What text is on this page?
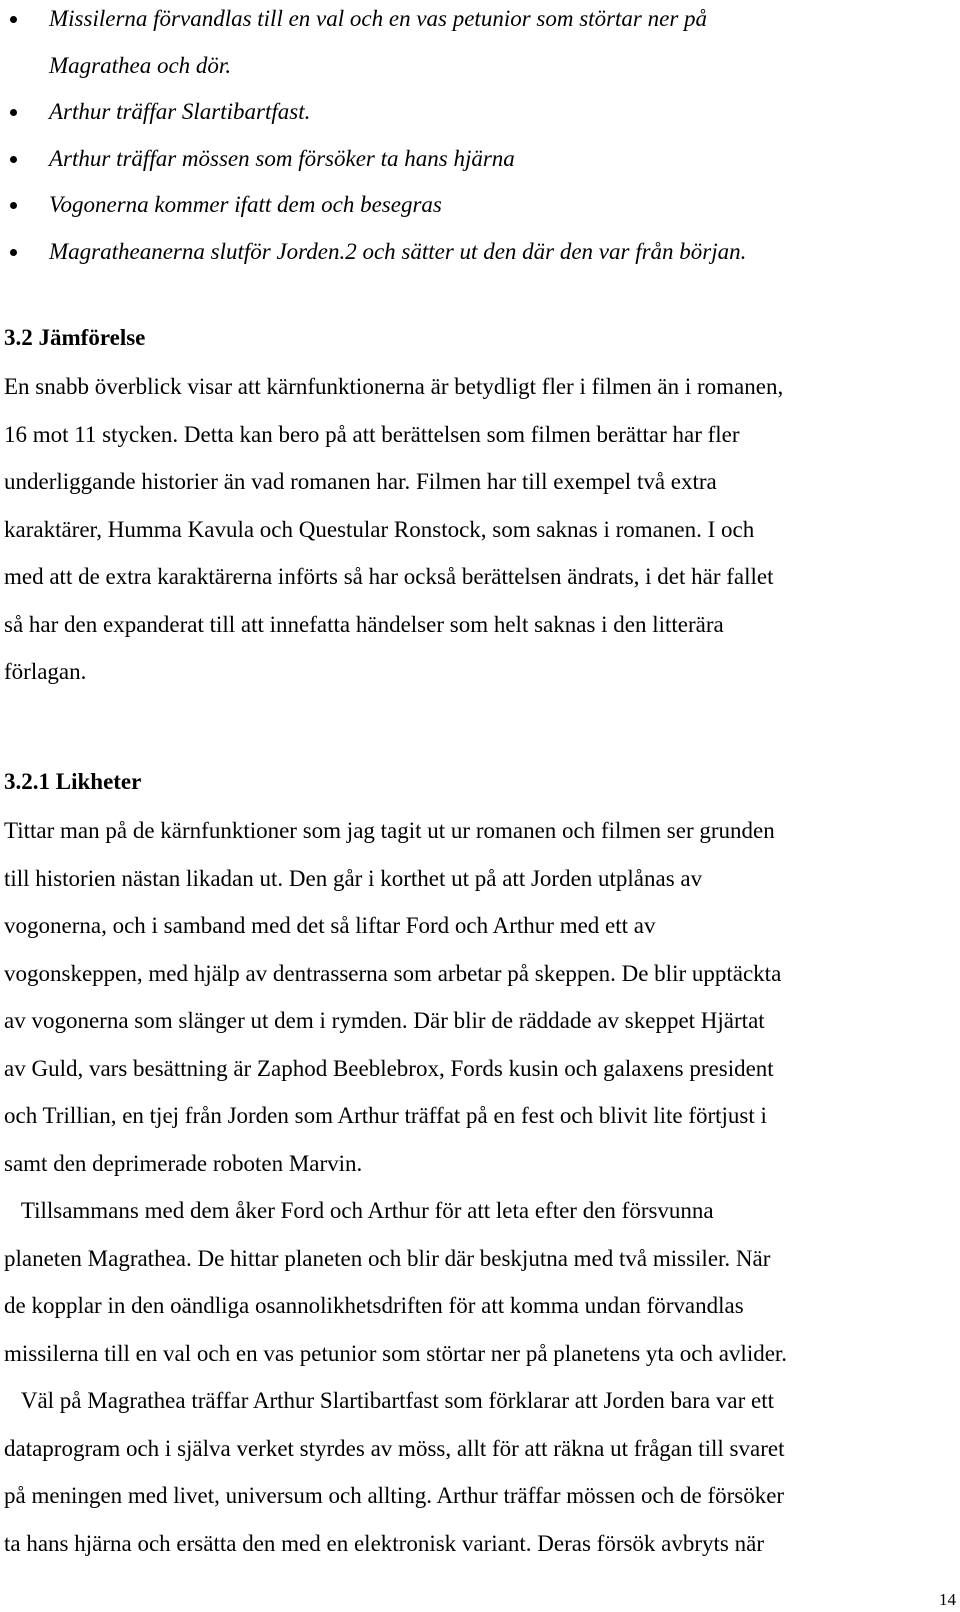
Missilerna förvandlas till en val och en vas petunior som störtar ner på
Magrathea och dör.
Arthur träffar Slartibartfast.
Arthur träffar mössen som försöker ta hans hjärna
Vogonerna kommer ifatt dem och besegras
Magratheanerna slutför Jorden.2 och sätter ut den där den var från början.
3.2 Jämförelse
En snabb överblick visar att kärnfunktionerna är betydligt fler i filmen än i romanen,
16 mot 11 stycken. Detta kan bero på att berättelsen som filmen berättar har fler
underliggande historier än vad romanen har. Filmen har till exempel två extra
karaktärer, Humma Kavula och Questular Ronstock, som saknas i romanen. I och
med att de extra karaktärerna införts så har också berättelsen ändrats, i det här fallet
så har den expanderat till att innefatta händelser som helt saknas i den litterära
förlagan.
3.2.1 Likheter
Tittar man på de kärnfunktioner som jag tagit ut ur romanen och filmen ser grunden
till historien nästan likadan ut. Den går i korthet ut på att Jorden utplånas av
vogonerna, och i samband med det så liftar Ford och Arthur med ett av
vogonskeppen, med hjälp av dentrasserna som arbetar på skeppen. De blir upptäckta
av vogonerna som slänger ut dem i rymden. Där blir de räddade av skeppet Hjärtat
av Guld, vars besättning är Zaphod Beeblebrox, Fords kusin och galaxens president
och Trillian, en tjej från Jorden som Arthur träffat på en fest och blivit lite förtjust i
samt den deprimerade roboten Marvin.
Tillsammans med dem åker Ford och Arthur för att leta efter den försvunna
planeten Magrathea. De hittar planeten och blir där beskjutna med två missiler. När
de kopplar in den oändliga osannolikhetsdriften för att komma undan förvandlas
missilerna till en val och en vas petunior som störtar ner på planetens yta och avlider.
Väl på Magrathea träffar Arthur Slartibartfast som förklarar att Jorden bara var ett
dataprogram och i själva verket styrdes av möss, allt för att räkna ut frågan till svaret
på meningen med livet, universum och allting. Arthur träffar mössen och de försöker
ta hans hjärna och ersätta den med en elektronisk variant. Deras försök avbryts när
14
